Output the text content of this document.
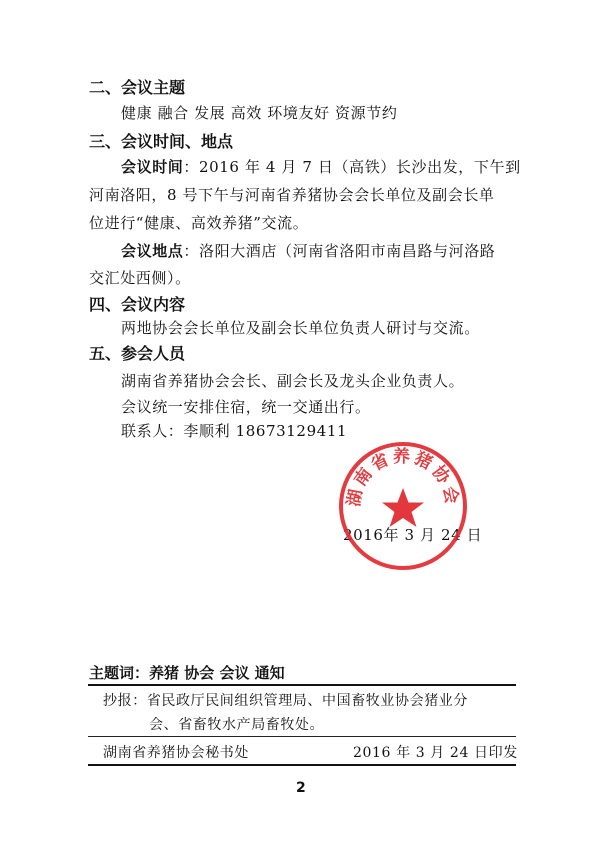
二、会议主题
健康 融合 发展 高效 环境友好 资源节约
三、会议时间、地点
会议时间：2016 年 4 月 7 日（高铁）长沙出发，下午到
河南洛阳，8 号下午与河南省养猪协会会长单位及副会长单
位进行“健康、高效养猪”交流。
会议地点：洛阳大酒店（河南省洛阳市南昌路与河洛路
交汇处西侧）。
四、会议内容
两地协会会长单位及副会长单位负责人研讨与交流。
五、参会人员
湖南省养猪协会会长、副会长及龙头企业负责人。
会议统一安排住宿，统一交通出行。
联系人：李顺利 18673129411
2016年 3 月 24 日
湖南省养猪协会
主题词：养猪 协会 会议 通知
抄报：省民政厅民间组织管理局、中国畜牧业协会猪业分
会、省畜牧水产局畜牧处。
湖南省养猪协会秘书处	2016 年 3 月 24 日印发
2
